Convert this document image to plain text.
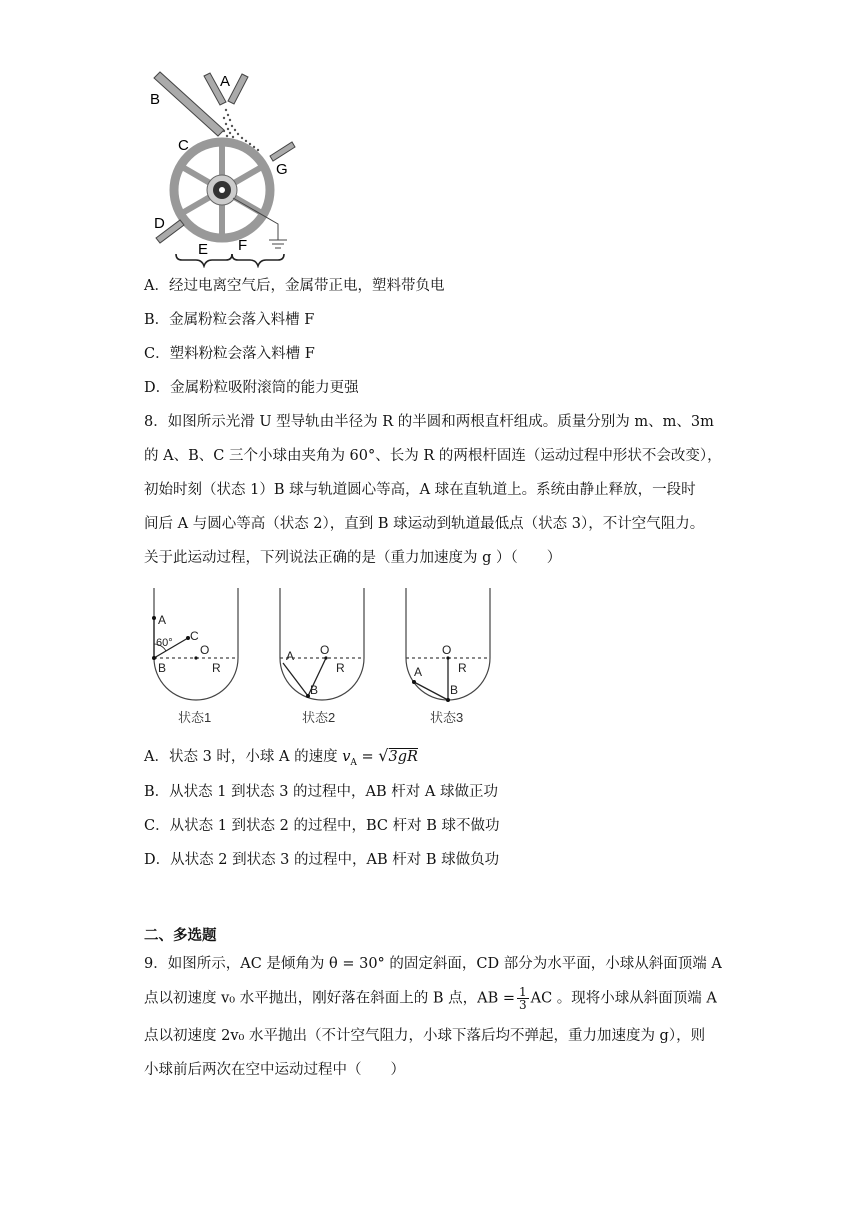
B
A
C
G
D
E F
A．经过电离空气后，金属带正电，塑料带负电
B．金属粉粒会落入料槽 F
C．塑料粉粒会落入料槽 F
D．金属粉粒吸附滚筒的能力更强
8．如图所示光滑 U 型导轨由半径为 R 的半圆和两根直杆组成。质量分别为 m、m、3m
的 A、B、C 三个小球由夹角为 60°、长为 R 的两根杆固连（运动过程中形状不会改变），
初始时刻（状态 1）B 球与轨道圆心等高，A 球在直轨道上。系统由静止释放，一段时
间后 A 与圆心等高（状态 2），直到 B 球运动到轨道最低点（状态 3），不计空气阻力。
关于此运动过程，下列说法正确的是（重力加速度为 g ）（　　）
A
60° C
O
B	R
A O
R
B
O
R
A
B
状态1	状态2	状态3
A．状态 3 时，小球 A 的速度 $v_A = √3gR$
B．从状态 1 到状态 3 的过程中，AB 杆对 A 球做正功
C．从状态 1 到状态 2 的过程中，BC 杆对 B 球不做功
D．从状态 2 到状态 3 的过程中，AB 杆对 B 球做负功
二、多选题
9．如图所示，AC 是倾角为 θ = 30° 的固定斜面，CD 部分为水平面，小球从斜面顶端 A
点以初速度 v₀ 水平抛出，刚好落在斜面上的 B 点，AB = $\frac{1}{3}$ AC 。现将小球从斜面顶端 A
点以初速度 2v₀ 水平抛出（不计空气阻力，小球下落后均不弹起，重力加速度为 g），则
小球前后两次在空中运动过程中（　　）
